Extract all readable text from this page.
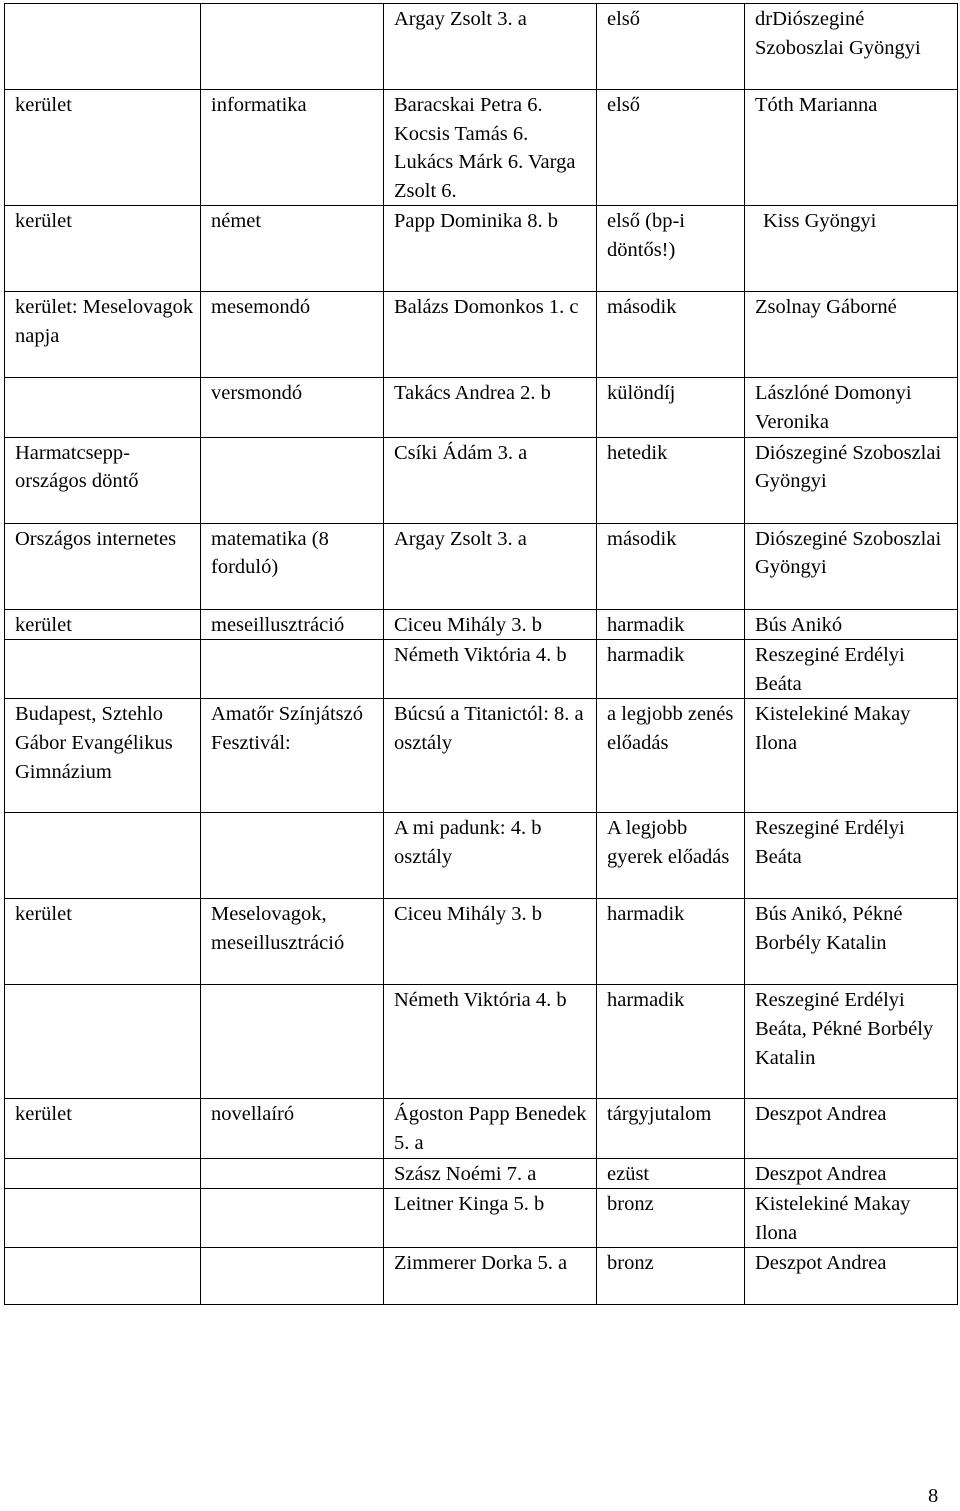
		Argay Zsolt 3. a	első	drDiószeginé Szoboszlai Gyöngyi
kerület	informatika	Baracskai Petra 6. Kocsis Tamás 6. Lukács Márk 6. Varga Zsolt 6.	első	Tóth Marianna
kerület	német	Papp Dominika 8. b	első (bp-i döntős!)	Kiss Gyöngyi
kerület: Meselovagok napja	mesemondó	Balázs Domonkos 1. c	második	Zsolnay Gáborné
	versmondó	Takács Andrea 2. b	különdíj	Lászlóné Domonyi Veronika
Harmatcsepp-országos döntő		Csíki Ádám 3. a	hetedik	Diószeginé Szoboszlai Gyöngyi
Országos internetes	matematika (8 forduló)	Argay Zsolt 3. a	második	Diószeginé Szoboszlai Gyöngyi
kerület	meseillusztráció	Ciceu Mihály 3. b	harmadik	Bús Anikó
		Németh Viktória 4. b	harmadik	Reszeginé Erdélyi Beáta
Budapest, Sztehlo Gábor Evangélikus Gimnázium	Amatőr Színjátszó Fesztivál:	Búcsú a Titanictól: 8. a osztály	a legjobb zenés előadás	Kistelekiné Makay Ilona
		A mi padunk: 4. b osztály	A legjobb gyerek előadás	Reszeginé Erdélyi Beáta
kerület	Meselovagok, meseillusztráció	Ciceu Mihály 3. b	harmadik	Bús Anikó, Pékné Borbély Katalin
		Németh Viktória 4. b	harmadik	Reszeginé Erdélyi Beáta, Pékné Borbély Katalin
kerület	novellaíró	Ágoston Papp Benedek 5. a	tárgyjutalom	Deszpot Andrea
		Szász Noémi 7. a	ezüst	Deszpot Andrea
		Leitner Kinga 5. b	bronz	Kistelekiné Makay Ilona
		Zimmerer Dorka 5. a	bronz	Deszpot Andrea
8
